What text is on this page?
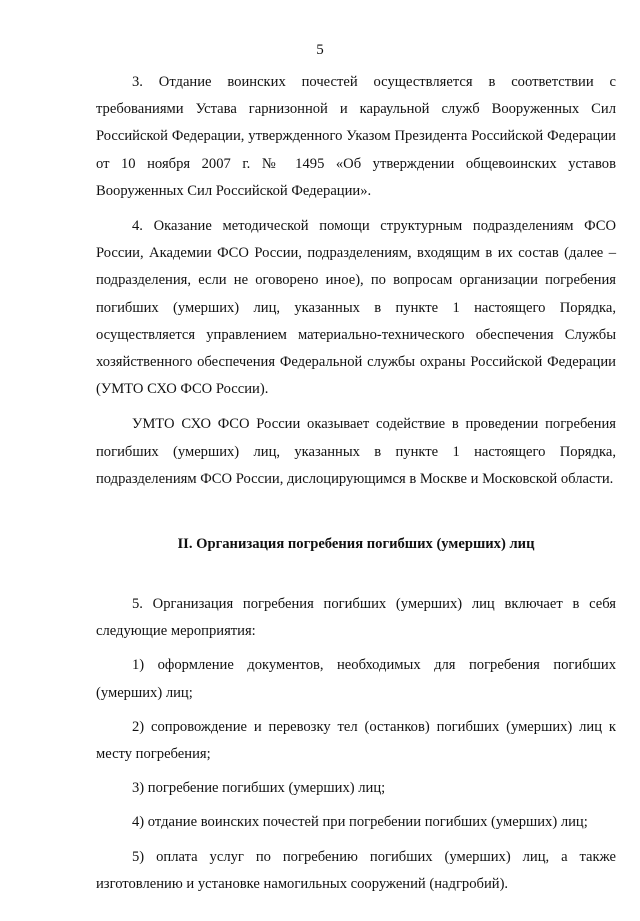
5

3. Отдание воинских почестей осуществляется в соответствии с требованиями Устава гарнизонной и караульной служб Вооруженных Сил Российской Федерации, утвержденного Указом Президента Российской Федерации от 10 ноября 2007 г. № 1495 «Об утверждении общевоинских уставов Вооруженных Сил Российской Федерации».

4. Оказание методической помощи структурным подразделениям ФСО России, Академии ФСО России, подразделениям, входящим в их состав (далее – подразделения, если не оговорено иное), по вопросам организации погребения погибших (умерших) лиц, указанных в пункте 1 настоящего Порядка, осуществляется управлением материально-технического обеспечения Службы хозяйственного обеспечения Федеральной службы охраны Российской Федерации (УМТО СХО ФСО России).

УМТО СХО ФСО России оказывает содействие в проведении погребения погибших (умерших) лиц, указанных в пункте 1 настоящего Порядка, подразделениям ФСО России, дислоцирующимся в Москве и Московской области.

II. Организация погребения погибших (умерших) лиц

5. Организация погребения погибших (умерших) лиц включает в себя следующие мероприятия:

1) оформление документов, необходимых для погребения погибших (умерших) лиц;

2) сопровождение и перевозку тел (останков) погибших (умерших) лиц к месту погребения;

3) погребение погибших (умерших) лиц;

4) отдание воинских почестей при погребении погибших (умерших) лиц;

5) оплата услуг по погребению погибших (умерших) лиц, а также изготовлению и установке намогильных сооружений (надгробий).
